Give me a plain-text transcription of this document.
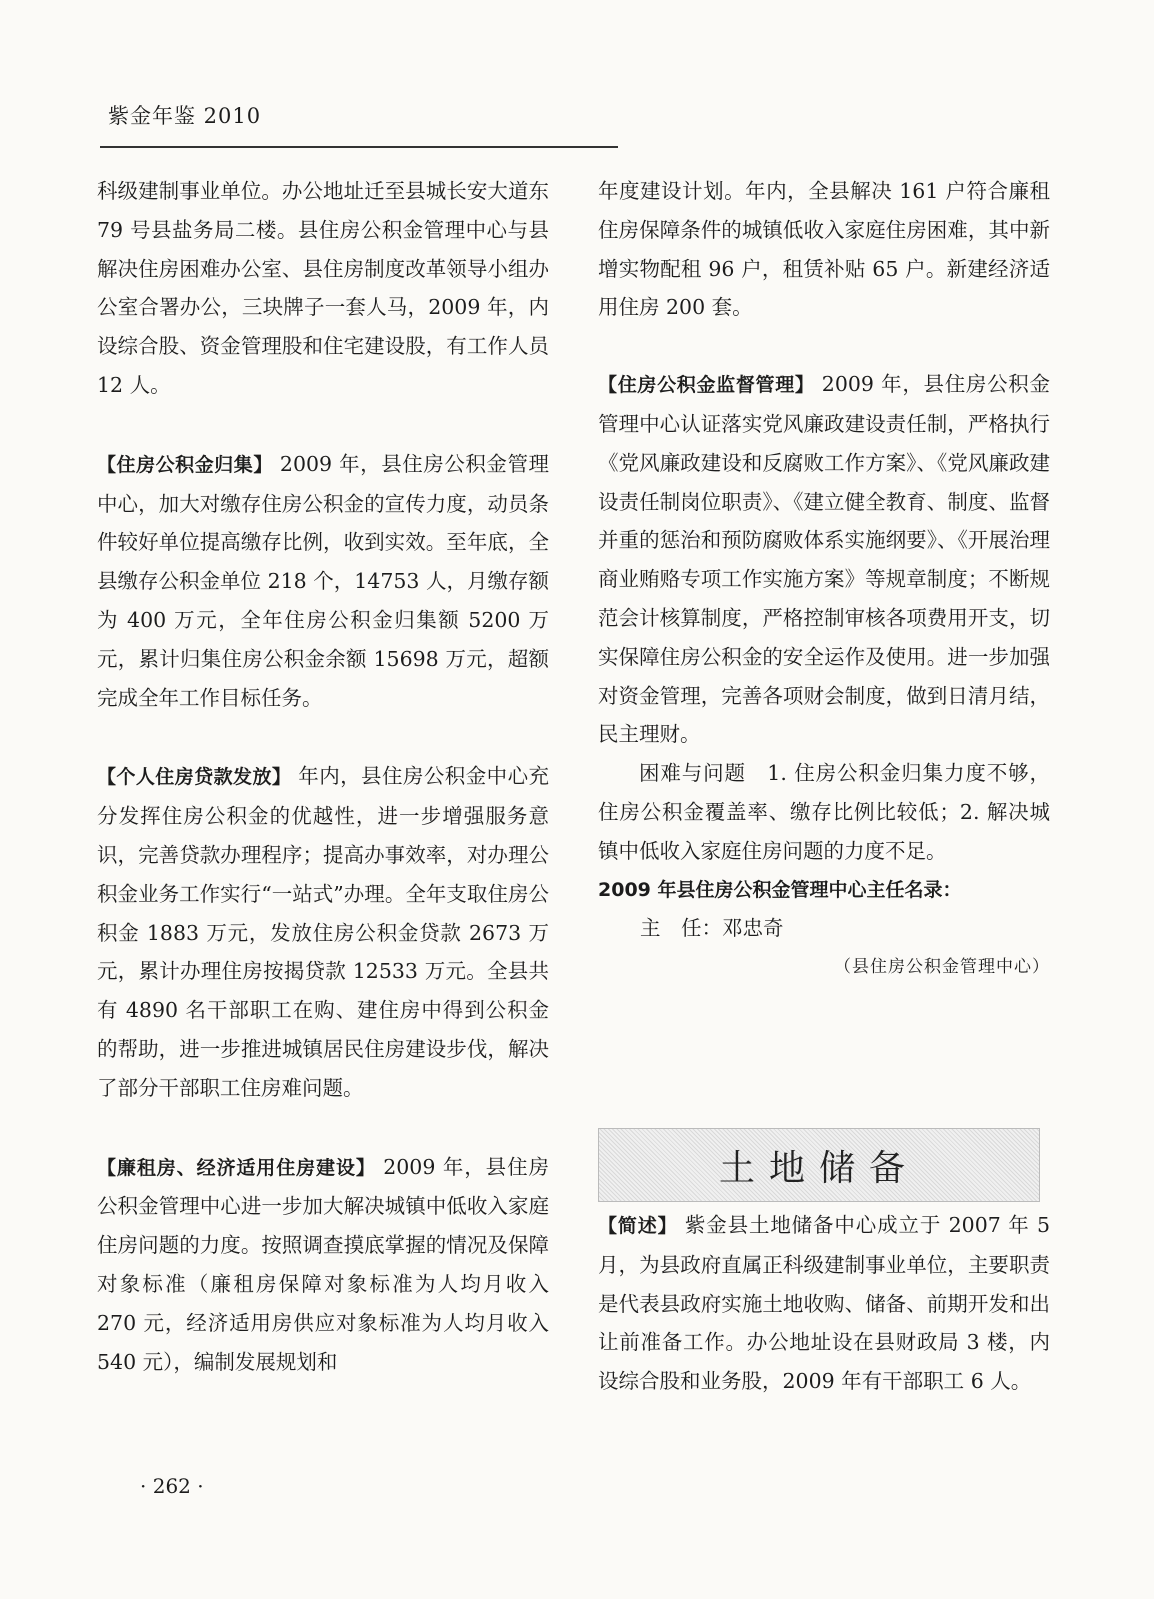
紫金年鉴 2010

科级建制事业单位。办公地址迁至县城长安大道东 79 号县盐务局二楼。县住房公积金管理中心与县解决住房困难办公室、县住房制度改革领导小组办公室合署办公，三块牌子一套人马，2009 年，内设综合股、资金管理股和住宅建设股，有工作人员 12 人。

【住房公积金归集】 2009 年，县住房公积金管理中心，加大对缴存住房公积金的宣传力度，动员条件较好单位提高缴存比例，收到实效。至年底，全县缴存公积金单位 218 个，14753 人，月缴存额为 400 万元，全年住房公积金归集额 5200 万元，累计归集住房公积金余额 15698 万元，超额完成全年工作目标任务。

【个人住房贷款发放】 年内，县住房公积金中心充分发挥住房公积金的优越性，进一步增强服务意识，完善贷款办理程序；提高办事效率，对办理公积金业务工作实行“一站式”办理。全年支取住房公积金 1883 万元，发放住房公积金贷款 2673 万元，累计办理住房按揭贷款 12533 万元。全县共有 4890 名干部职工在购、建住房中得到公积金的帮助，进一步推进城镇居民住房建设步伐，解决了部分干部职工住房难问题。

【廉租房、经济适用住房建设】 2009 年，县住房公积金管理中心进一步加大解决城镇中低收入家庭住房问题的力度。按照调查摸底掌握的情况及保障对象标准（廉租房保障对象标准为人均月收入 270 元，经济适用房供应对象标准为人均月收入 540 元），编制发展规划和

年度建设计划。年内，全县解决 161 户符合廉租住房保障条件的城镇低收入家庭住房困难，其中新增实物配租 96 户，租赁补贴 65 户。新建经济适用住房 200 套。

【住房公积金监督管理】 2009 年，县住房公积金管理中心认证落实党风廉政建设责任制，严格执行《党风廉政建设和反腐败工作方案》、《党风廉政建设责任制岗位职责》、《建立健全教育、制度、监督并重的惩治和预防腐败体系实施纲要》、《开展治理商业贿赂专项工作实施方案》等规章制度；不断规范会计核算制度，严格控制审核各项费用开支，切实保障住房公积金的安全运作及使用。进一步加强对资金管理，完善各项财会制度，做到日清月结，民主理财。

困难与问题　1. 住房公积金归集力度不够，住房公积金覆盖率、缴存比例比较低；2. 解决城镇中低收入家庭住房问题的力度不足。

2009 年县住房公积金管理中心主任名录：

主　任：邓忠奇

（县住房公积金管理中心）

土地储备

【简述】 紫金县土地储备中心成立于 2007 年 5 月，为县政府直属正科级建制事业单位，主要职责是代表县政府实施土地收购、储备、前期开发和出让前准备工作。办公地址设在县财政局 3 楼，内设综合股和业务股，2009 年有干部职工 6 人。

· 262 ·
